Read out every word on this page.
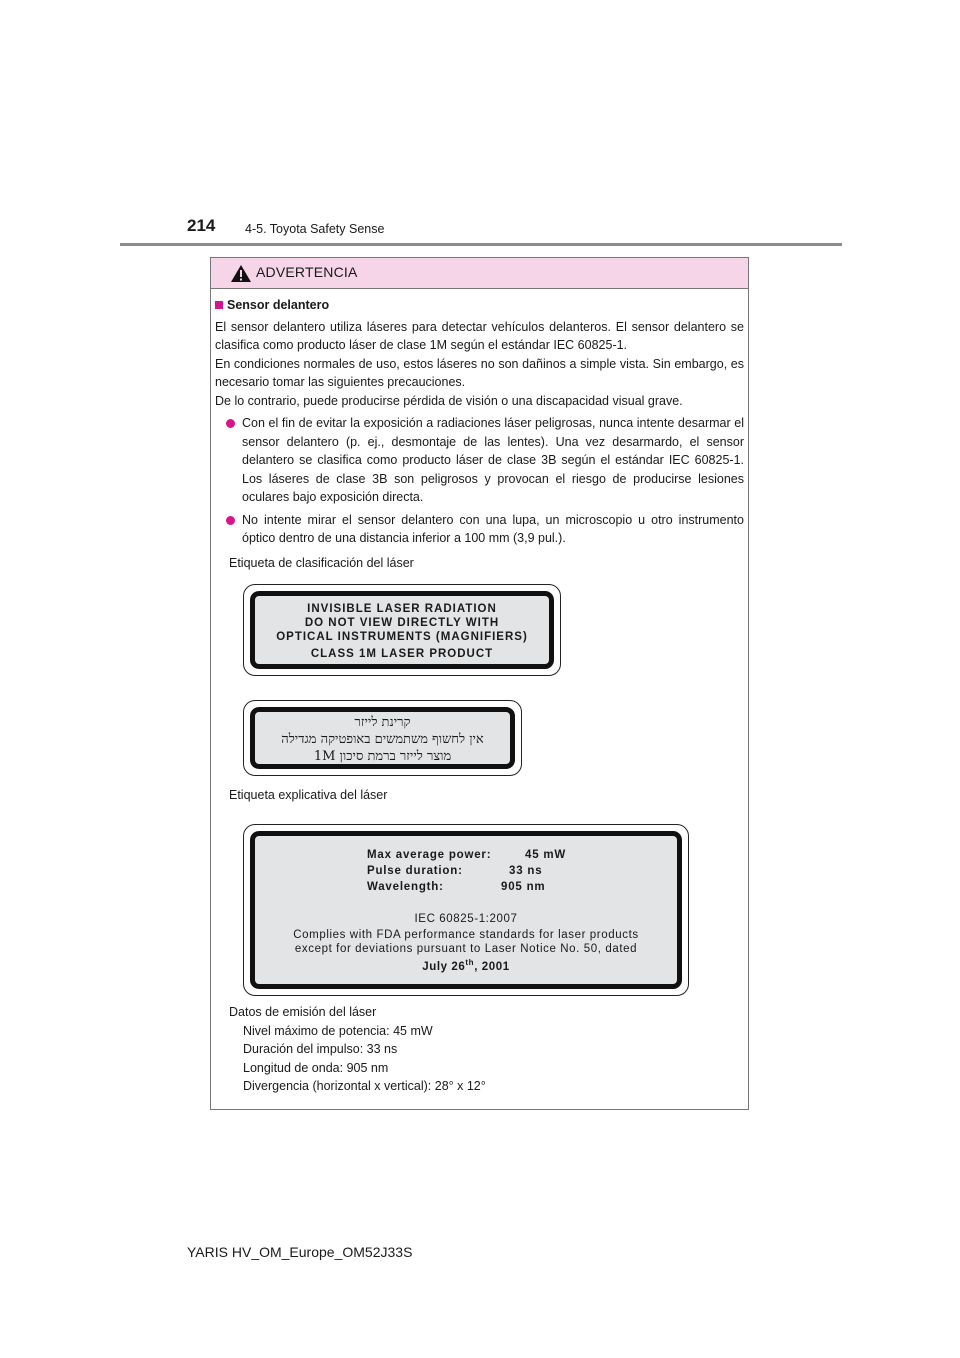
214 4-5. Toyota Safety Sense
ADVERTENCIA
Sensor delantero
El sensor delantero utiliza láseres para detectar vehículos delanteros. El sensor delantero se clasifica como producto láser de clase 1M según el estándar IEC 60825-1.
En condiciones normales de uso, estos láseres no son dañinos a simple vista. Sin embargo, es necesario tomar las siguientes precauciones.
De lo contrario, puede producirse pérdida de visión o una discapacidad visual grave.
Con el fin de evitar la exposición a radiaciones láser peligrosas, nunca intente desarmar el sensor delantero (p. ej., desmontaje de las lentes). Una vez desarmardo, el sensor delantero se clasifica como producto láser de clase 3B según el estándar IEC 60825-1. Los láseres de clase 3B son peligrosos y provocan el riesgo de producirse lesiones oculares bajo exposición directa.
No intente mirar el sensor delantero con una lupa, un microscopio u otro instrumento óptico dentro de una distancia inferior a 100 mm (3,9 pul.).
Etiqueta de clasificación del láser
INVISIBLE LASER RADIATION
DO NOT VIEW DIRECTLY WITH
OPTICAL INSTRUMENTS (MAGNIFIERS)
CLASS 1M LASER PRODUCT
קרינת לייזר
אין לחשוף משתמשים באופטיקה מגדילה
מוצר לייזר ברמת סיכון 1M
Etiqueta explicativa del láser
Max average power:	45 mW
Pulse duration:	33 ns
Wavelength:	905 nm
IEC 60825-1:2007
Complies with FDA performance standards for laser products
except for deviations pursuant to Laser Notice No. 50, dated
July 26th, 2001
Datos de emisión del láser
Nivel máximo de potencia: 45 mW
Duración del impulso: 33 ns
Longitud de onda: 905 nm
Divergencia (horizontal x vertical): 28° x 12°
YARIS HV_OM_Europe_OM52J33S
